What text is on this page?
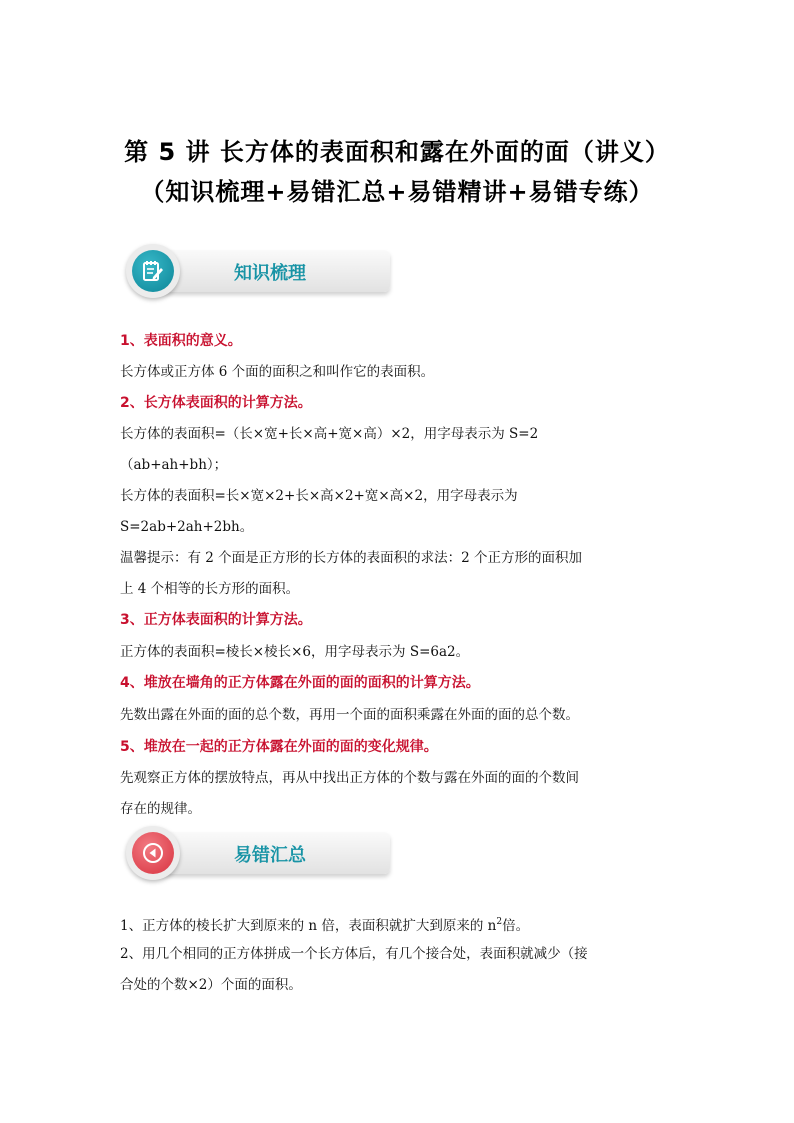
第 5 讲 长方体的表面积和露在外面的面（讲义）
（知识梳理+易错汇总+易错精讲+易错专练）
知识梳理
1、表面积的意义。
长方体或正方体 6 个面的面积之和叫作它的表面积。
2、长方体表面积的计算方法。
长方体的表面积=（长×宽+长×高+宽×高）×2，用字母表示为 S=2
（ab+ah+bh）；
长方体的表面积=长×宽×2+长×高×2+宽×高×2，用字母表示为
S=2ab+2ah+2bh。
温馨提示：有 2 个面是正方形的长方体的表面积的求法：2 个正方形的面积加
上 4 个相等的长方形的面积。
3、正方体表面积的计算方法。
正方体的表面积=棱长×棱长×6，用字母表示为 S=6a2。
4、堆放在墙角的正方体露在外面的面的面积的计算方法。
先数出露在外面的面的总个数，再用一个面的面积乘露在外面的面的总个数。
5、堆放在一起的正方体露在外面的面的变化规律。
先观察正方体的摆放特点，再从中找出正方体的个数与露在外面的面的个数间
存在的规律。
易错汇总
1、正方体的棱长扩大到原来的 n 倍，表面积就扩大到原来的 $n^2$倍。
2、用几个相同的正方体拼成一个长方体后，有几个接合处，表面积就减少（接
合处的个数×2）个面的面积。
